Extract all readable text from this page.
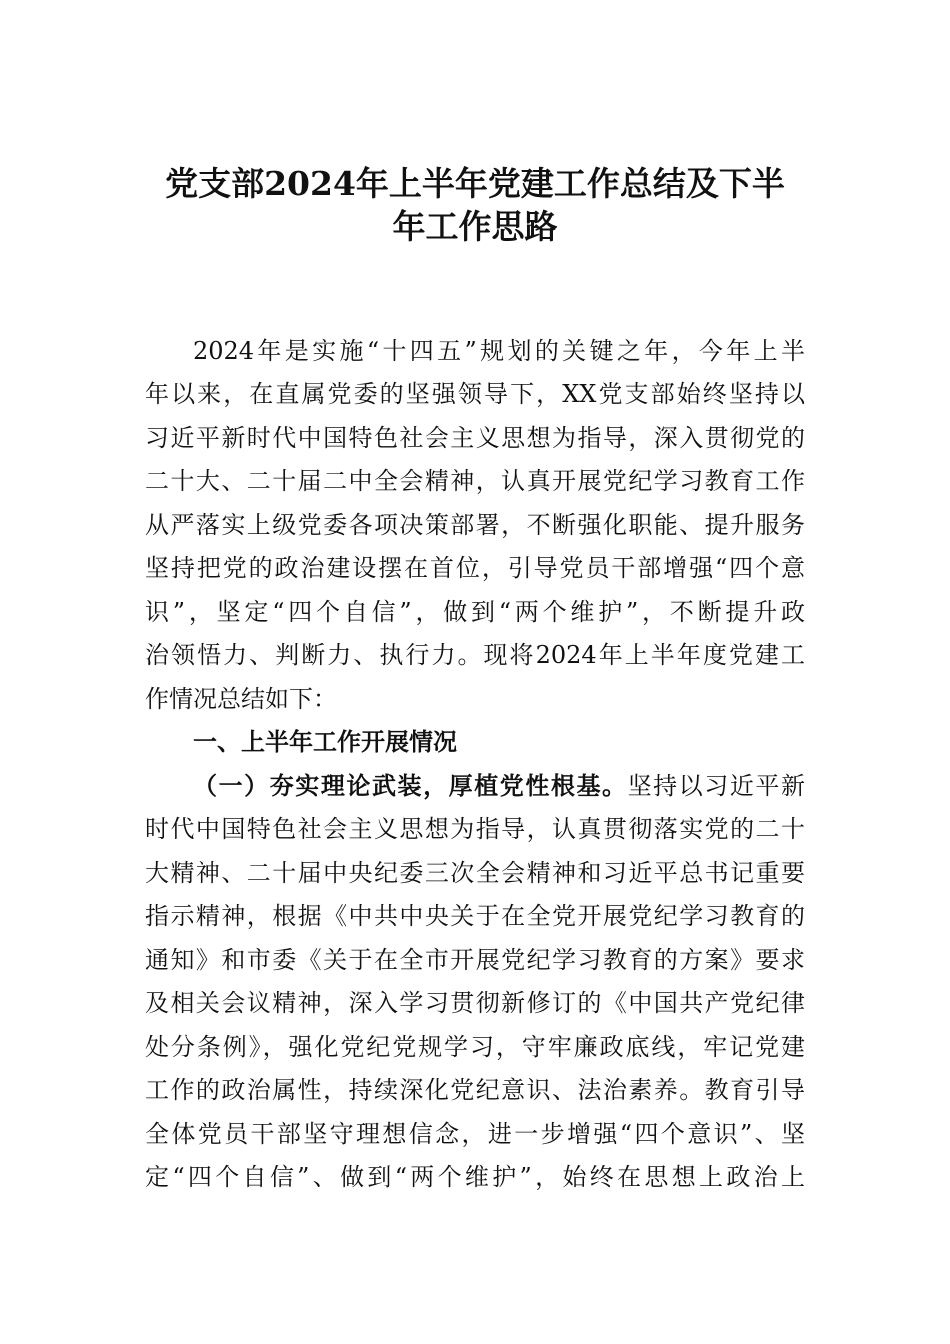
党支部2024年上半年党建工作总结及下半
年工作思路
2024年是实施“十四五”规划的关键之年，今年上半
年以来，在直属党委的坚强领导下，XX党支部始终坚持以
习近平新时代中国特色社会主义思想为指导，深入贯彻党的
二十大、二十届二中全会精神，认真开展党纪学习教育工作
从严落实上级党委各项决策部署，不断强化职能、提升服务
坚持把党的政治建设摆在首位，引导党员干部增强“四个意
识”，坚定“四个自信”，做到“两个维护”，不断提升政
治领悟力、判断力、执行力。现将2024年上半年度党建工
作情况总结如下：
一、上半年工作开展情况
（一）夯实理论武装，厚植党性根基。坚持以习近平新
时代中国特色社会主义思想为指导，认真贯彻落实党的二十
大精神、二十届中央纪委三次全会精神和习近平总书记重要
指示精神，根据《中共中央关于在全党开展党纪学习教育的
通知》和市委《关于在全市开展党纪学习教育的方案》要求
及相关会议精神，深入学习贯彻新修订的《中国共产党纪律
处分条例》，强化党纪党规学习，守牢廉政底线，牢记党建
工作的政治属性，持续深化党纪意识、法治素养。教育引导
全体党员干部坚守理想信念，进一步增强“四个意识”、坚
定“四个自信”、做到“两个维护”，始终在思想上政治上
